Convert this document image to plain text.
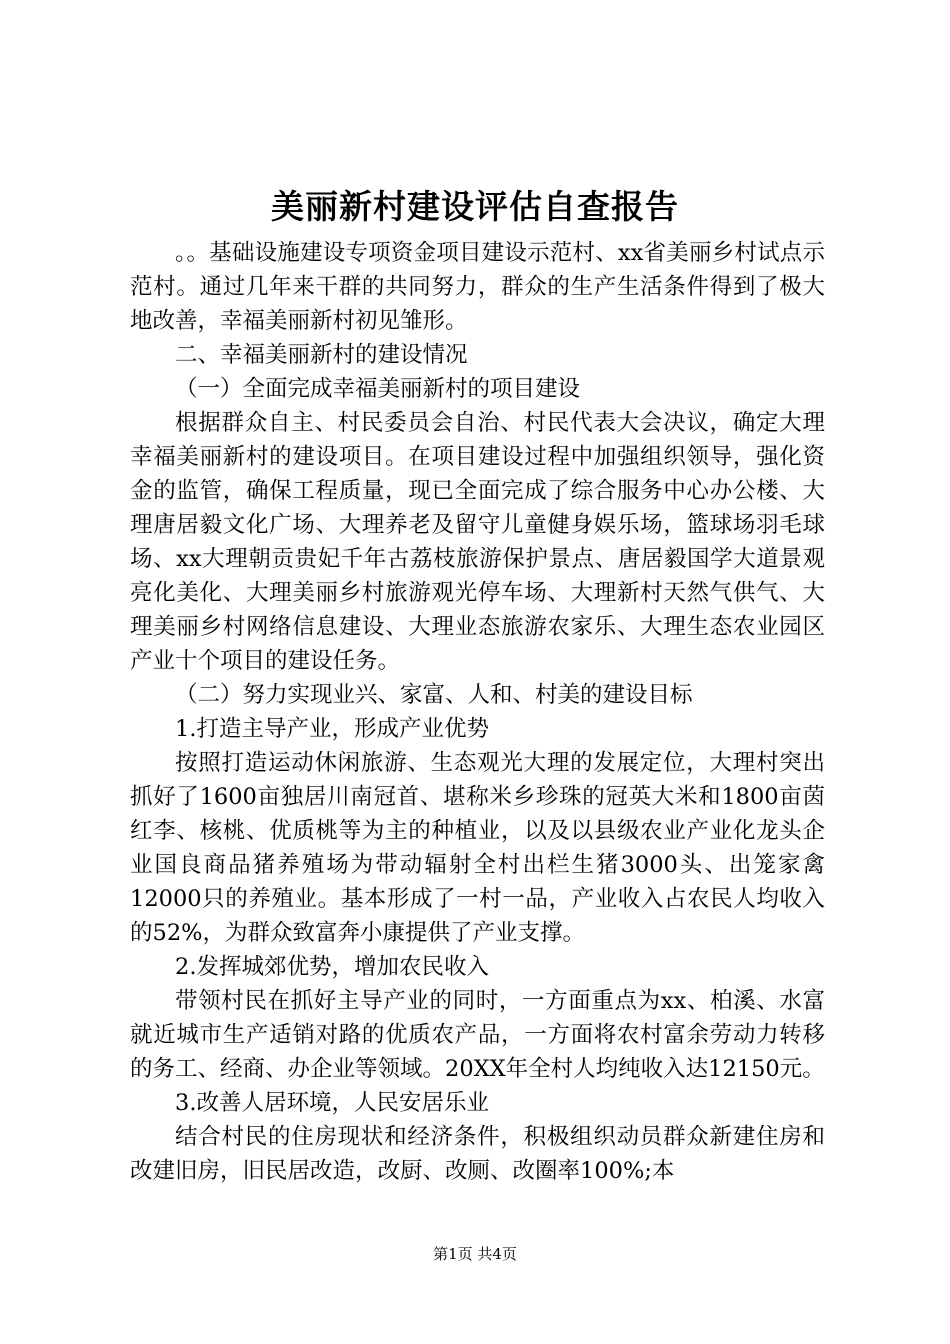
美丽新村建设评估自查报告

。。基础设施建设专项资金项目建设示范村、xx省美丽乡村试点示范村。通过几年来干群的共同努力，群众的生产生活条件得到了极大地改善，幸福美丽新村初见雏形。

二、幸福美丽新村的建设情况

（一）全面完成幸福美丽新村的项目建设

根据群众自主、村民委员会自治、村民代表大会决议，确定大理幸福美丽新村的建设项目。在项目建设过程中加强组织领导，强化资金的监管，确保工程质量，现已全面完成了综合服务中心办公楼、大理唐居毅文化广场、大理养老及留守儿童健身娱乐场，篮球场羽毛球场、xx大理朝贡贵妃千年古荔枝旅游保护景点、唐居毅国学大道景观亮化美化、大理美丽乡村旅游观光停车场、大理新村天然气供气、大理美丽乡村网络信息建设、大理业态旅游农家乐、大理生态农业园区产业十个项目的建设任务。

（二）努力实现业兴、家富、人和、村美的建设目标

1.打造主导产业，形成产业优势

按照打造运动休闲旅游、生态观光大理的发展定位，大理村突出抓好了1600亩独居川南冠首、堪称米乡珍珠的冠英大米和1800亩茵红李、核桃、优质桃等为主的种植业，以及以县级农业产业化龙头企业国良商品猪养殖场为带动辐射全村出栏生猪3000头、出笼家禽12000只的养殖业。基本形成了一村一品，产业收入占农民人均收入的52%，为群众致富奔小康提供了产业支撑。

2.发挥城郊优势，增加农民收入

带领村民在抓好主导产业的同时，一方面重点为xx、柏溪、水富就近城市生产适销对路的优质农产品，一方面将农村富余劳动力转移的务工、经商、办企业等领域。20XX年全村人均纯收入达12150元。

3.改善人居环境，人民安居乐业

结合村民的住房现状和经济条件，积极组织动员群众新建住房和改建旧房，旧民居改造，改厨、改厕、改圈率100%;本

第1页 共4页
